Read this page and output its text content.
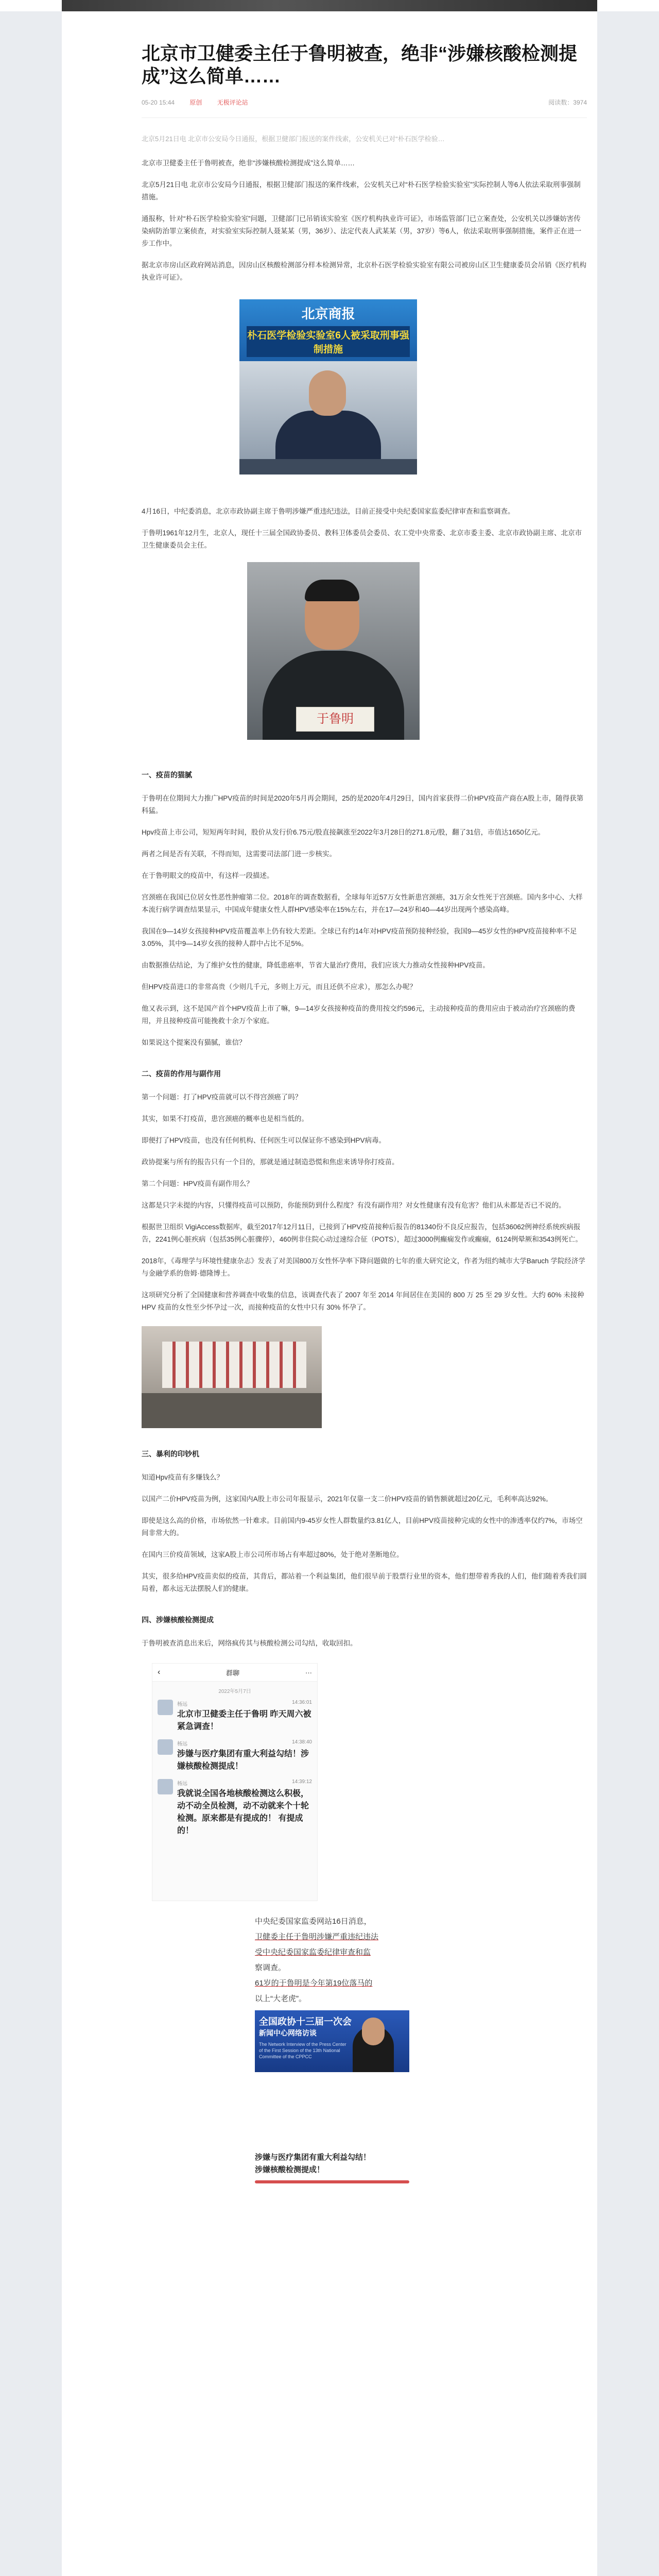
北京市卫健委主任于鲁明被查，绝非“涉嫌核酸检测提成”这么简单……
05-20 15:44 原创 无极评论站	阅读数：3974

北京5月21日电 北京市公安局今日通报，根据卫健部门报送的案件线索，公安机关已对“朴石医学检验…

北京市卫健委主任于鲁明被查，绝非“涉嫌核酸检测提成”这么简单……

北京5月21日电 北京市公安局今日通报，根据卫健部门报送的案件线索，公安机关已对“朴石医学检验实验室”实际控制人等6人依法采取刑事强制措施。

通报称，针对“朴石医学检验实验室”问题，卫健部门已吊销该实验室《医疗机构执业许可证》，市场监管部门已立案查处，公安机关以涉嫌妨害传染病防治罪立案侦查，对实验室实际控制人聂某某（男，36岁）、法定代表人武某某（男，37岁）等6人，依法采取刑事强制措施，案件正在进一步工作中。

据北京市房山区政府网站消息，因房山区核酸检测部分样本检测异常，北京朴石医学检验实验室有限公司被房山区卫生健康委员会吊销《医疗机构执业许可证》。

北京商报
朴石医学检验实验室6人被采取刑事强制措施

4月16日，中纪委消息，北京市政协副主席于鲁明涉嫌严重违纪违法，目前正接受中央纪委国家监委纪律审查和监察调查。

于鲁明1961年12月生，北京人，现任十三届全国政协委员、教科卫体委员会委员、农工党中央常委、北京市委主委、北京市政协副主席、北京市卫生健康委员会主任。

于鲁明
一、疫苗的猫腻

于鲁明在位期间大力推广HPV疫苗的时间是2020年5月再会期间，25的是2020年4月29日，国内首家获得二价HPV疫苗产商在A股上市，随得获第科猛。

Hpv疫苗上市公司，短短两年时间，股价从发行价6.75元/股直接飙涨至2022年3月28日的271.8元/股，翻了31倍，市值达1650亿元。

两者之间是否有关联，不得而知，这需要司法部门进一步核实。

在于鲁明眼文的疫苗中，有这样一段描述。

宫颈癌在我国已位居女性恶性肿瘤第二位。2018年的调查数据看，全球每年近57万女性新患宫颈癌，31万余女性死于宫颈癌。国内多中心、大样本流行病学调查结果显示，中国成年健康女性人群HPV感染率在15%左右，并在17—24岁和40—44岁出现两个感染高峰。

我国在9—14岁女孩接种HPV疫苗覆盖率上仍有较大差距。全球已有约14年对HPV疫苗预防接种经验，我国9—45岁女性的HPV疫苗接种率不足3.05%，其中9—14岁女孩的接种人群中占比不足5%。

由数据推估结论，为了维护女性的健康，降低患癌率，节省大量治疗费用，我们应该大力推动女性接种HPV疫苗。

但HPV疫苗进口的非常高贵（少则几千元，多则上万元，而且还供不应求），那怎么办呢？

他又表示到，这不是国产首个HPV疫苗上市了嘛，9—14岁女孩接种疫苗的费用按交约596元，主动接种疫苗的费用应由于被动治疗宫颈癌的费用，并且接种疫苗可能挽救十余万个家庭。

如果说这个提案没有猫腻，谁信？

二、疫苗的作用与副作用

第一个问题：打了HPV疫苗就可以不得宫颈癌了吗？

其实，如果不打疫苗，患宫颈癌的概率也是相当低的。

即便打了HPV疫苗，也没有任何机构、任何医生可以保证你不感染到HPV病毒。

政协提案与所有的报告只有一个目的，那就是通过制造恐慌和焦虑来诱导你打疫苗。

第二个问题：HPV疫苗有副作用么？

这都是只字未提的内容，只懂得疫苗可以预防，你能预防到什么程度？有没有副作用？对女性健康有没有危害？他们从未都是否已不说的。

根据世卫组织 VigiAccess数据库，截至2017年12月11日，已接到了HPV疫苗接种后报告的81340份不良反应报告，包括36062例神经系统疾病报告，2241例心脏疾病（包括35例心脏骤停），460例非住院心动过速综合征（POTS），超过3000例癫痫发作或癫痫，6124例晕厥和3543例死亡。

2018年，《毒理学与环境性健康杂志》发表了对美国800万女性怀孕率下降问题做的七年的重大研究论文，作者为纽约城市大学Baruch 学院经济学与金融学系的詹姆·德隆博士。

这项研究分析了全国健康和营养调查中收集的信息，该调查代表了 2007 年至 2014 年间居住在美国的 800 万 25 至 29 岁女性。大约 60% 未接种 HPV 疫苗的女性至少怀孕过一次，而接种疫苗的女性中只有 30% 怀孕了。

三、暴利的印钞机

知道Hpv疫苗有多赚钱么？

以国产二价HPV疫苗为例，这家国内A股上市公司年报显示，2021年仅靠一支二价HPV疫苗的销售额就超过20亿元，毛利率高达92%。

即使是这么高的价格，市场依然一针难求。目前国内9-45岁女性人群数量约3.81亿人，目前HPV疫苗接种完成的女性中的渗透率仅约7%，市场空间非常大的。

在国内三价疫苗领域，这家A股上市公司所市场占有率超过80%，处于绝对垄断地位。

其实，很多给HPV疫苗卖似的疫苗，其背后，都站着一个利益集团，他们很早前于股票行业里的资本，他们想带着秀我的人们，他们随着秀我们圆局着，都永远无法摆脱人们的健康。

四、涉嫌核酸检测提成

于鲁明被查消息出来后，网络疯传其与核酸检测公司勾结，收取回扣。

‹	群聊	···
2022年5月7日
杨远	14:36:01
北京市卫健委主任于鲁明 昨天周六被紧急调查！
杨远	14:38:40
涉嫌与医疗集团有重大利益勾结！涉嫌核酸检测提成！
杨远	14:39:12
我就说全国各地核酸检测这么积极，动不动全员检测，动不动就来个十轮检测。原来都是有提成的！ 有提成的！

中央纪委国家监委网站16日消息，

卫健委主任于鲁明涉嫌严重违纪违法

受中央纪委国家监委纪律审查和监

察调查。

61岁的于鲁明是今年第19位落马的

以上“大老虎”。

全国政协十三届一次会
新闻中心网络访谈
The Network Interview of the Press Center of the First Session of the 13th National Committee of the CPPCC
涉嫌与医疗集团有重大利益勾结！
涉嫌核酸检测提成！
